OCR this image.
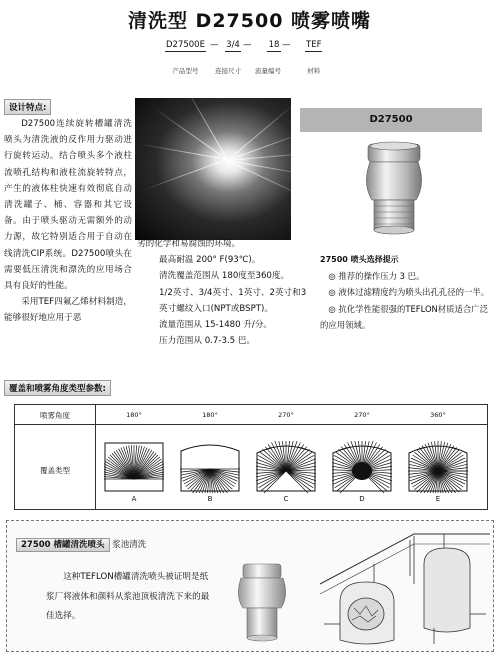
清洗型 D27500 喷雾喷嘴
D27500E
产品型号
— 3/4
连接尺寸
— 18
流量编号
— TEF
材料
设计特点:
D27500连续旋转槽罐清洗喷头为清洗液的反作用力驱动进行旋转运动。结合喷头多个液柱流喷孔结构和液柱流旋转特点，产生的液体柱快速有效彻底自动清洗罐子、桶、容器和其它设备。由于喷头驱动无需额外的动力源，故它特别适合用于自动在线清洗CIP系统。D27500喷头在需要低压清洗和漂洗的应用场合具有良好的性能。
采用TEF四氟乙烯材料制造，能够很好地应用于恶

劣的化学和易腐蚀的环境。

最高耐温 200° F(93℃)。

清洗覆盖范围从 180度至360度。

1/2英寸、3/4英寸、1英寸、2英寸和3英寸螺纹入口(NPT或BSPT)。

流量范围从 15-1480 升/分。

压力范围从 0.7-3.5 巴。

D27500
27500 喷头选择提示
◎ 推荐的操作压力 3 巴。
◎ 液体过滤精度约为喷头出孔孔径的一半。
◎ 抗化学性能很强的TEFLON材质适合广泛的应用领域。
覆盖和喷雾角度类型参数:
喷雾角度
覆盖类型
180°
A
180°
B
270°
C
270°
D
360°
E
27500 槽罐清洗喷头 浆池清洗
这种TEFLON槽罐清洗喷头被证明是纸浆厂将液体和颜料从浆池顶板清洗下来的最佳选择。
